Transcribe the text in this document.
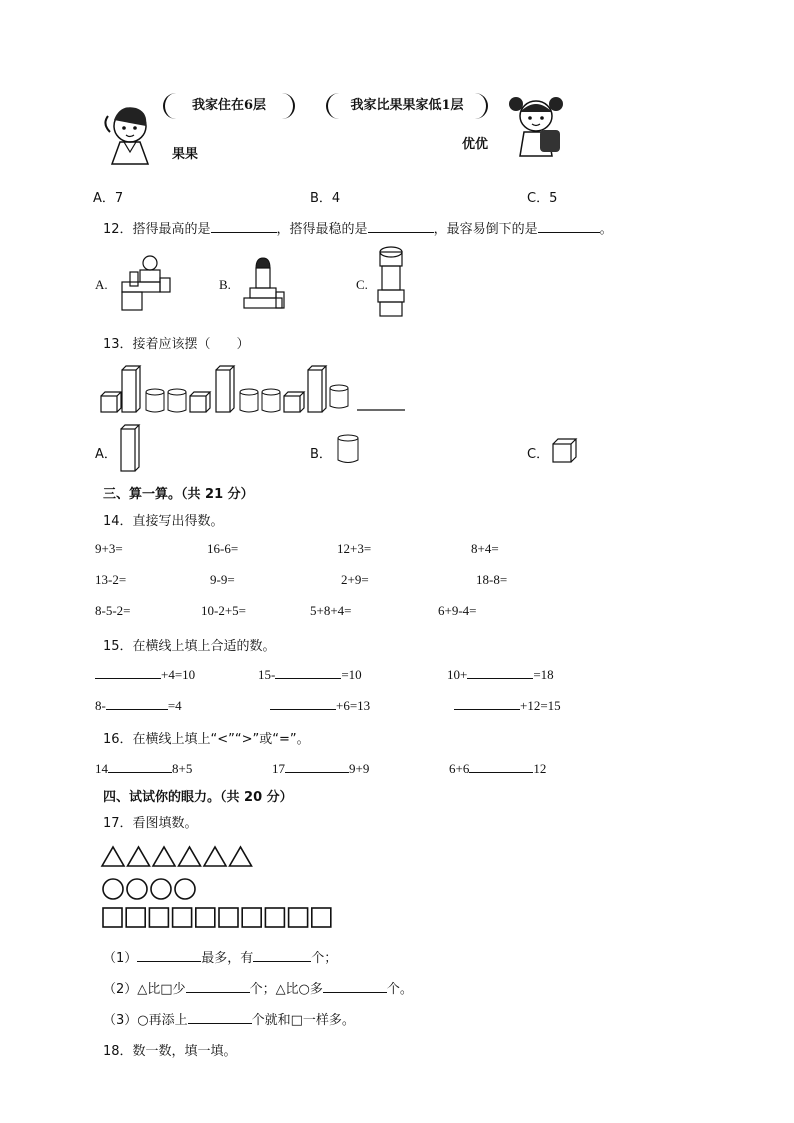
我家住在6层
果果
我家比果果家低1层
优优
A．7	B．4	C．5
12．搭得最高的是	，搭得最稳的是	，最容易倒下的是	。
A.	B.	C.
13．接着应该摆（　　）
A．	B．	C．
三、算一算。（共 21 分）
14．直接写出得数。
9+3=	16-6=	12+3=	8+4=
13-2=	9-9=	2+9=	18-8=
8-5-2=	10-2+5=	5+8+4=	6+9-4=
15．在横线上填上合适的数。
+4=10	15-	=10	10+	=18
8-	=4	+6=13	+12=15
16．在横线上填上“<”“>”或“=”。
14	8+5	17	9+9	6+6	12
四、试试你的眼力。（共 20 分）
17．看图填数。
（1）	最多，有	个；
（2）△比□少	个；△比○多	个。
（3）○再添上	个就和□一样多。
18．数一数，填一填。
